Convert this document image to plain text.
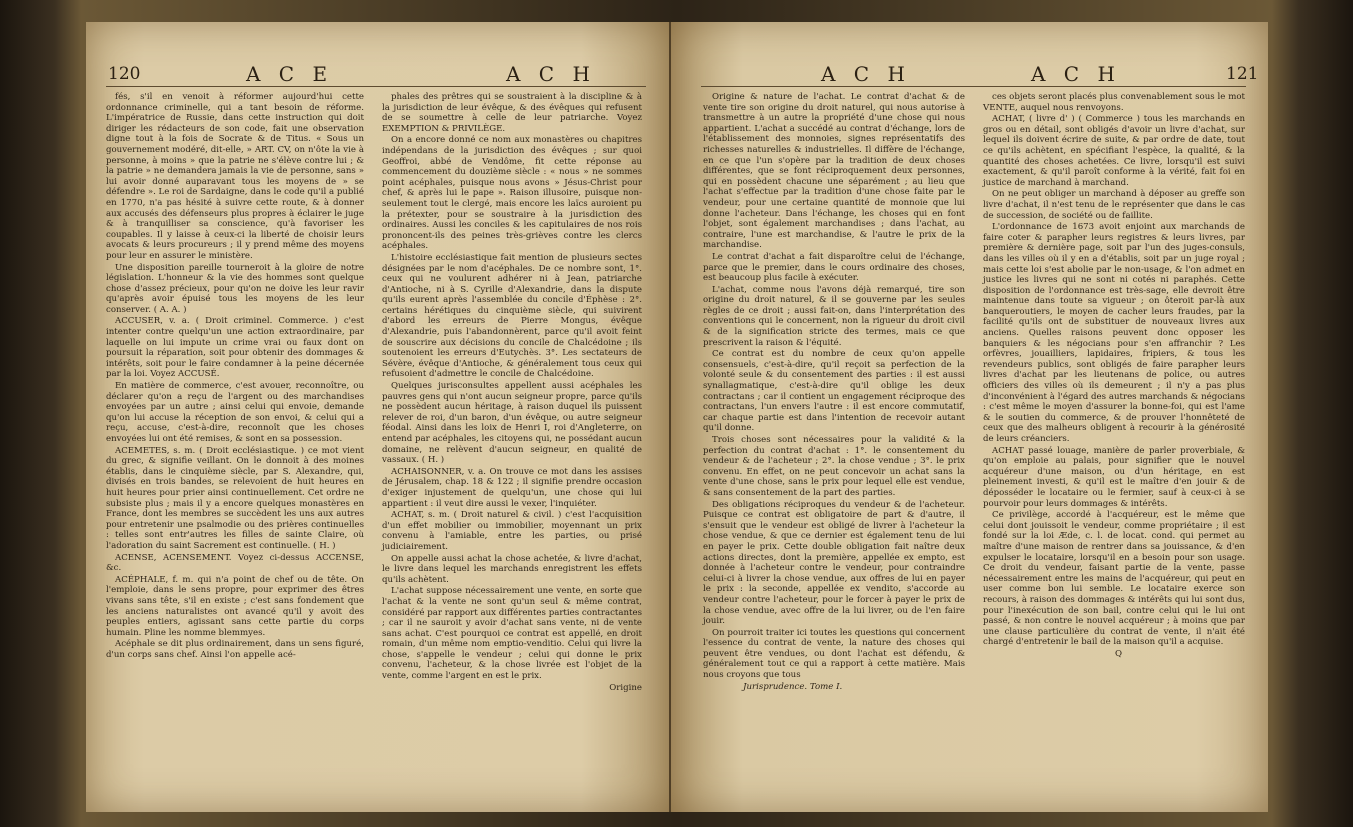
120	A C E	A C H

fés, s'il en venoit à réformer aujourd'hui cette ordonnance criminelle, qui a tant besoin de réforme. L'impératrice de Russie, dans cette instruction qui doit diriger les rédacteurs de son code, fait une observation digne tout à la fois de Socrate & de Titus. « Sous un gouvernement modéré, dit-elle, » ART. CV, on n'ôte la vie à personne, à moins » que la patrie ne s'élève contre lui ; & la patrie » ne demandera jamais la vie de personne, sans » lui avoir donné auparavant tous les moyens de » se défendre ». Le roi de Sardaigne, dans le code qu'il a publié en 1770, n'a pas hésité à suivre cette route, & à donner aux accusés des défenseurs plus propres à éclairer le juge & à tranquilliser sa conscience, qu'à favoriser les coupables. Il y laisse à ceux-ci la liberté de choisir leurs avocats & leurs procureurs ; il y prend même des moyens pour leur en assurer le ministère.

Une disposition pareille tourneroit à la gloire de notre législation. L'honneur & la vie des hommes sont quelque chose d'assez précieux, pour qu'on ne doive les leur ravir qu'après avoir épuisé tous les moyens de les leur conserver. ( A. A. )

ACCUSER, v. a. ( Droit criminel. Commerce. ) c'est intenter contre quelqu'un une action extraordinaire, par laquelle on lui impute un crime vrai ou faux dont on poursuit la réparation, soit pour obtenir des dommages & intérêts, soit pour le faire condamner à la peine décernée par la loi. Voyez ACCUSÉ.

En matière de commerce, c'est avouer, reconnoître, ou déclarer qu'on a reçu de l'argent ou des marchandises envoyées par un autre ; ainsi celui qui envoie, demande qu'on lui accuse la réception de son envoi, & celui qui a reçu, accuse, c'est-à-dire, reconnoît que les choses envoyées lui ont été remises, & sont en sa possession.

ACEMETES, s. m. ( Droit ecclésiastique. ) ce mot vient du grec, & signifie veillant. On le donnoit à des moines établis, dans le cinquième siècle, par S. Alexandre, qui, divisés en trois bandes, se relevoient de huit heures en huit heures pour prier ainsi continuellement. Cet ordre ne subsiste plus ; mais il y a encore quelques monastères en France, dont les membres se succèdent les uns aux autres pour entretenir une psalmodie ou des prières continuelles : telles sont entr'autres les filles de sainte Claire, où l'adoration du saint Sacrement est continuelle. ( H. )

ACENSE, ACENSEMENT. Voyez ci-dessus ACCENSE, &c.

ACÉPHALE, f. m. qui n'a point de chef ou de tête. On l'emploie, dans le sens propre, pour exprimer des êtres vivans sans tête, s'il en existe ; c'est sans fondement que les anciens naturalistes ont avancé qu'il y avoit des peuples entiers, agissant sans cette partie du corps humain. Pline les nomme blemmyes.

Acéphale se dit plus ordinairement, dans un sens figuré, d'un corps sans chef. Ainsi l'on appelle acé-

phales des prêtres qui se soustraient à la discipline & à la jurisdiction de leur évêque, & des évêques qui refusent de se soumettre à celle de leur patriarche. Voyez EXEMPTION & PRIVILÈGE.

On a encore donné ce nom aux monastères ou chapitres indépendans de la jurisdiction des évêques ; sur quoi Geoffroi, abbé de Vendôme, fit cette réponse au commencement du douzième siècle : « nous » ne sommes point acéphales, puisque nous avons » Jésus-Christ pour chef, & après lui le pape ». Raison illusoire, puisque non-seulement tout le clergé, mais encore les laïcs auroient pu la prétexter, pour se soustraire à la jurisdiction des ordinaires. Aussi les conciles & les capitulaires de nos rois prononcent-ils des peines très-grièves contre les clercs acéphales.

L'histoire ecclésiastique fait mention de plusieurs sectes désignées par le nom d'acéphales. De ce nombre sont, 1°. ceux qui ne voulurent adhérer ni à Jean, patriarche d'Antioche, ni à S. Cyrille d'Alexandrie, dans la dispute qu'ils eurent après l'assemblée du concile d'Éphèse : 2°. certains hérétiques du cinquième siècle, qui suivirent d'abord les erreurs de Pierre Mongus, évêque d'Alexandrie, puis l'abandonnèrent, parce qu'il avoit feint de souscrire aux décisions du concile de Chalcédoine ; ils soutenoient les erreurs d'Eutychès. 3°. Les sectateurs de Sévère, évêque d'Antioche, & généralement tous ceux qui refusoient d'admettre le concile de Chalcédoine.

Quelques jurisconsultes appellent aussi acéphales les pauvres gens qui n'ont aucun seigneur propre, parce qu'ils ne possèdent aucun héritage, à raison duquel ils puissent relever de roi, d'un baron, d'un évêque, ou autre seigneur féodal. Ainsi dans les loix de Henri I, roi d'Angleterre, on entend par acéphales, les citoyens qui, ne possédant aucun domaine, ne relèvent d'aucun seigneur, en qualité de vassaux. ( H. )

ACHAISONNER, v. a. On trouve ce mot dans les assises de Jérusalem, chap. 18 & 122 ; il signifie prendre occasion d'exiger injustement de quelqu'un, une chose qui lui appartient : il veut dire aussi le vexer, l'inquiéter.

ACHAT, s. m. ( Droit naturel & civil. ) c'est l'acquisition d'un effet mobilier ou immobilier, moyennant un prix convenu à l'amiable, entre les parties, ou prisé judiciairement.

On appelle aussi achat la chose achetée, & livre d'achat, le livre dans lequel les marchands enregistrent les effets qu'ils achètent.

L'achat suppose nécessairement une vente, en sorte que l'achat & la vente ne sont qu'un seul & même contrat, considéré par rapport aux différentes parties contractantes ; car il ne sauroit y avoir d'achat sans vente, ni de vente sans achat. C'est pourquoi ce contrat est appellé, en droit romain, d'un même nom emptio-venditio. Celui qui livre la chose, s'appelle le vendeur ; celui qui donne le prix convenu, l'acheteur, & la chose livrée est l'objet de la vente, comme l'argent en est le prix.

Origine

A C H	A C H	121

Origine & nature de l'achat. Le contrat d'achat & de vente tire son origine du droit naturel, qui nous autorise à transmettre à un autre la propriété d'une chose qui nous appartient. L'achat a succédé au contrat d'échange, lors de l'établissement des monnoies, signes représentatifs des richesses naturelles & industrielles. Il diffère de l'échange, en ce que l'un s'opère par la tradition de deux choses différentes, que se font réciproquement deux personnes, qui en possèdent chacune une séparément ; au lieu que l'achat s'effectue par la tradition d'une chose faite par le vendeur, pour une certaine quantité de monnoie que lui donne l'acheteur. Dans l'échange, les choses qui en font l'objet, sont également marchandises ; dans l'achat, au contraire, l'une est marchandise, & l'autre le prix de la marchandise.

Le contrat d'achat a fait disparoître celui de l'échange, parce que le premier, dans le cours ordinaire des choses, est beaucoup plus facile à exécuter.

L'achat, comme nous l'avons déjà remarqué, tire son origine du droit naturel, & il se gouverne par les seules règles de ce droit ; aussi fait-on, dans l'interprétation des conventions qui le concernent, non la rigueur du droit civil & de la signification stricte des termes, mais ce que prescrivent la raison & l'équité.

Ce contrat est du nombre de ceux qu'on appelle consensuels, c'est-à-dire, qu'il reçoit sa perfection de la volonté seule & du consentement des parties : il est aussi synallagmatique, c'est-à-dire qu'il oblige les deux contractans ; car il contient un engagement réciproque des contractans, l'un envers l'autre : il est encore commutatif, car chaque partie est dans l'intention de recevoir autant qu'il donne.

Trois choses sont nécessaires pour la validité & la perfection du contrat d'achat : 1°. le consentement du vendeur & de l'acheteur ; 2°. la chose vendue ; 3°. le prix convenu. En effet, on ne peut concevoir un achat sans la vente d'une chose, sans le prix pour lequel elle est vendue, & sans consentement de la part des parties.

Des obligations réciproques du vendeur & de l'acheteur. Puisque ce contrat est obligatoire de part & d'autre, il s'ensuit que le vendeur est obligé de livrer à l'acheteur la chose vendue, & que ce dernier est également tenu de lui en payer le prix. Cette double obligation fait naître deux actions directes, dont la première, appellée ex empto, est donnée à l'acheteur contre le vendeur, pour contraindre celui-ci à livrer la chose vendue, aux offres de lui en payer le prix : la seconde, appellée ex vendito, s'accorde au vendeur contre l'acheteur, pour le forcer à payer le prix de la chose vendue, avec offre de la lui livrer, ou de l'en faire jouir.

On pourroit traiter ici toutes les questions qui concernent l'essence du contrat de vente, la nature des choses qui peuvent être vendues, ou dont l'achat est défendu, & généralement tout ce qui a rapport à cette matière. Mais nous croyons que tous

Jurisprudence. Tome I.

ces objets seront placés plus convenablement sous le mot VENTE, auquel nous renvoyons.

ACHAT, ( livre d' ) ( Commerce ) tous les marchands en gros ou en détail, sont obligés d'avoir un livre d'achat, sur lequel ils doivent écrire de suite, & par ordre de date, tout ce qu'ils achètent, en spécifiant l'espèce, la qualité, & la quantité des choses achetées. Ce livre, lorsqu'il est suivi exactement, & qu'il paroît conforme à la vérité, fait foi en justice de marchand à marchand.

On ne peut obliger un marchand à déposer au greffe son livre d'achat, il n'est tenu de le représenter que dans le cas de succession, de société ou de faillite.

L'ordonnance de 1673 avoit enjoint aux marchands de faire coter & parapher leurs registres & leurs livres, par première & dernière page, soit par l'un des juges-consuls, dans les villes où il y en a d'établis, soit par un juge royal ; mais cette loi s'est abolie par le non-usage, & l'on admet en justice les livres qui ne sont ni cotés ni paraphés. Cette disposition de l'ordonnance est très-sage, elle devroit être maintenue dans toute sa vigueur ; on ôteroit par-là aux banqueroutiers, le moyen de cacher leurs fraudes, par la facilité qu'ils ont de substituer de nouveaux livres aux anciens. Quelles raisons peuvent donc opposer les banquiers & les négocians pour s'en affranchir ? Les orfèvres, jouailliers, lapidaires, fripiers, & tous les revendeurs publics, sont obligés de faire parapher leurs livres d'achat par les lieutenans de police, ou autres officiers des villes où ils demeurent ; il n'y a pas plus d'inconvénient à l'égard des autres marchands & négocians : c'est même le moyen d'assurer la bonne-foi, qui est l'ame & le soutien du commerce, & de prouver l'honnêteté de ceux que des malheurs obligent à recourir à la générosité de leurs créanciers.

ACHAT passé louage, manière de parler proverbiale, & qu'on emploie au palais, pour signifier que le nouvel acquéreur d'une maison, ou d'un héritage, en est pleinement investi, & qu'il est le maître d'en jouir & de déposséder le locataire ou le fermier, sauf à ceux-ci à se pourvoir pour leurs dommages & intérêts.

Ce privilège, accordé à l'acquéreur, est le même que celui dont jouissoit le vendeur, comme propriétaire ; il est fondé sur la loi Æde, c. l. de locat. cond. qui permet au maître d'une maison de rentrer dans sa jouissance, & d'en expulser le locataire, lorsqu'il en a besoin pour son usage. Ce droit du vendeur, faisant partie de la vente, passe nécessairement entre les mains de l'acquéreur, qui peut en user comme bon lui semble. Le locataire exerce son recours, à raison des dommages & intérêts qui lui sont dus, pour l'inexécution de son bail, contre celui qui le lui ont passé, & non contre le nouvel acquéreur ; à moins que par une clause particulière du contrat de vente, il n'ait été chargé d'entretenir le bail de la maison qu'il a acquise.

Q
